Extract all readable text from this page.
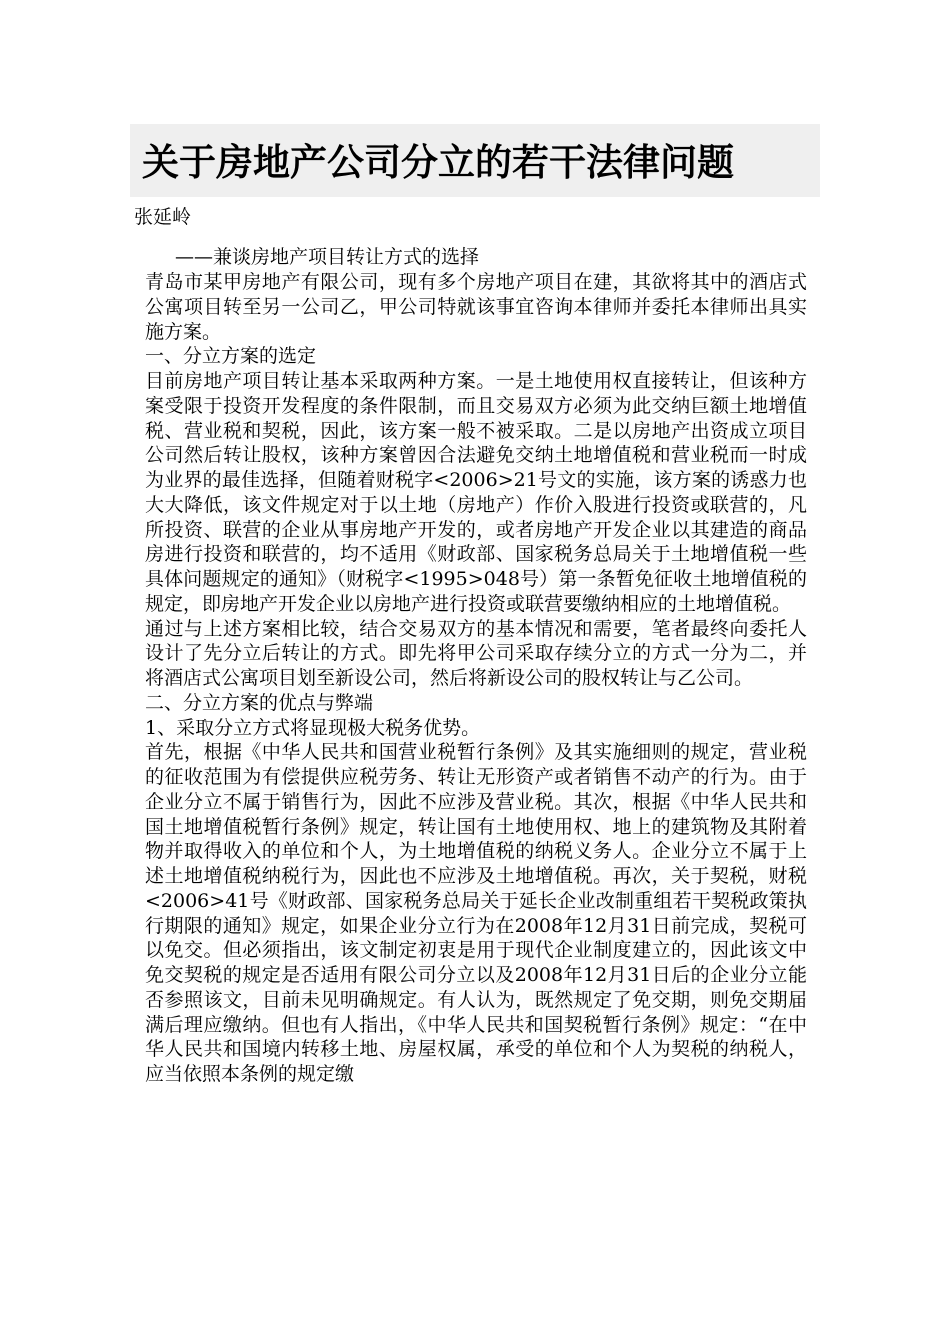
关于房地产公司分立的若干法律问题
张延岭
——兼谈房地产项目转让方式的选择

青岛市某甲房地产有限公司，现有多个房地产项目在建，其欲将其中的酒店式公寓项目转至另一公司乙，甲公司特就该事宜咨询本律师并委托本律师出具实施方案。

一、分立方案的选定

目前房地产项目转让基本采取两种方案。一是土地使用权直接转让，但该种方案受限于投资开发程度的条件限制，而且交易双方必须为此交纳巨额土地增值税、营业税和契税，因此，该方案一般不被采取。二是以房地产出资成立项目公司然后转让股权，该种方案曾因合法避免交纳土地增值税和营业税而一时成为业界的最佳选择，但随着财税字<2006>21号文的实施，该方案的诱惑力也大大降低，该文件规定对于以土地（房地产）作价入股进行投资或联营的，凡所投资、联营的企业从事房地产开发的，或者房地产开发企业以其建造的商品房进行投资和联营的，均不适用《财政部、国家税务总局关于土地增值税一些具体问题规定的通知》（财税字<1995>048号）第一条暂免征收土地增值税的规定，即房地产开发企业以房地产进行投资或联营要缴纳相应的土地增值税。

通过与上述方案相比较，结合交易双方的基本情况和需要，笔者最终向委托人设计了先分立后转让的方式。即先将甲公司采取存续分立的方式一分为二，并将酒店式公寓项目划至新设公司，然后将新设公司的股权转让与乙公司。

二、分立方案的优点与弊端

1、采取分立方式将显现极大税务优势。

首先，根据《中华人民共和国营业税暂行条例》及其实施细则的规定，营业税的征收范围为有偿提供应税劳务、转让无形资产或者销售不动产的行为。由于企业分立不属于销售行为，因此不应涉及营业税。其次，根据《中华人民共和国土地增值税暂行条例》规定，转让国有土地使用权、地上的建筑物及其附着物并取得收入的单位和个人，为土地增值税的纳税义务人。企业分立不属于上述土地增值税纳税行为，因此也不应涉及土地增值税。再次，关于契税，财税<2006>41号《财政部、国家税务总局关于延长企业改制重组若干契税政策执行期限的通知》规定，如果企业分立行为在2008年12月31日前完成，契税可以免交。但必须指出，该文制定初衷是用于现代企业制度建立的，因此该文中免交契税的规定是否适用有限公司分立以及2008年12月31日后的企业分立能否参照该文，目前未见明确规定。有人认为，既然规定了免交期，则免交期届满后理应缴纳。但也有人指出，《中华人民共和国契税暂行条例》规定：“在中华人民共和国境内转移土地、房屋权属，承受的单位和个人为契税的纳税人，应当依照本条例的规定缴
